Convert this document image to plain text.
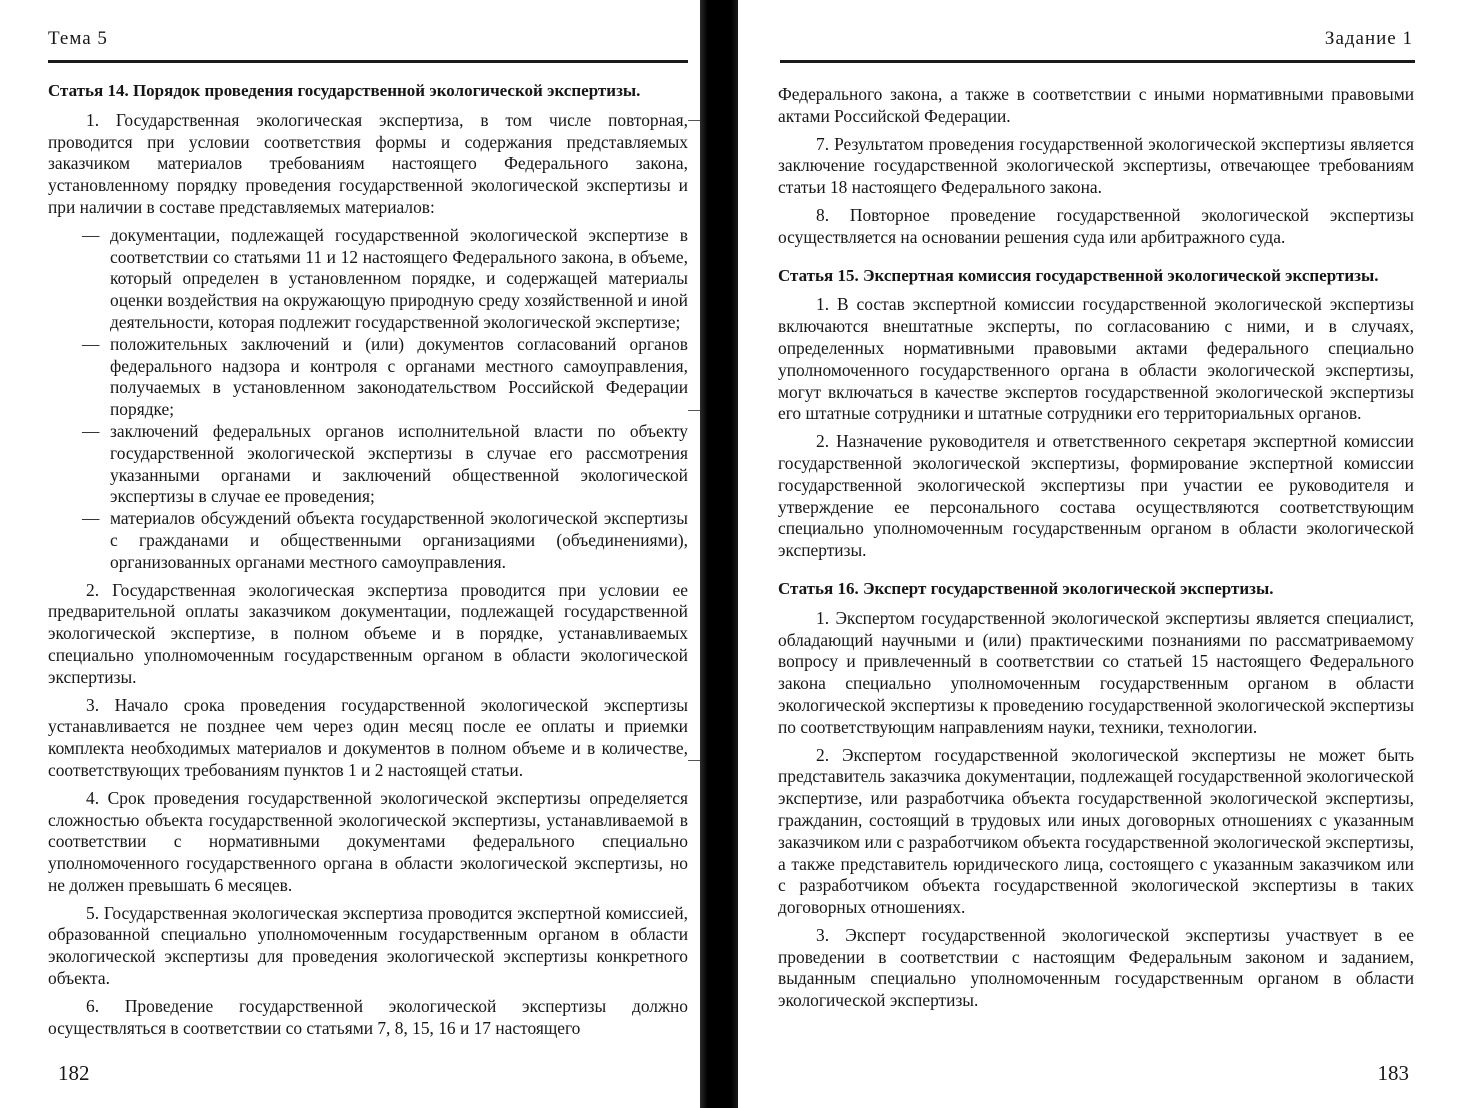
Тема 5
Статья 14. Порядок проведения государственной экологической экспертизы.

1. Государственная экологическая экспертиза, в том числе повторная, проводится при условии соответствия формы и содержания представляемых заказчиком материалов требованиям настоящего Федерального закона, установленному порядку проведения государственной экологической экспертизы и при наличии в составе представляемых материалов:

— документации, подлежащей государственной экологической экспертизе в соответствии со статьями 11 и 12 настоящего Федерального закона, в объеме, который определен в установленном порядке, и содержащей материалы оценки воздействия на окружающую природную среду хозяйственной и иной деятельности, которая подлежит государственной экологической экспертизе;
— положительных заключений и (или) документов согласований органов федерального надзора и контроля с органами местного самоуправления, получаемых в установленном законодательством Российской Федерации порядке;
— заключений федеральных органов исполнительной власти по объекту государственной экологической экспертизы в случае его рассмотрения указанными органами и заключений общественной экологической экспертизы в случае ее проведения;
— материалов обсуждений объекта государственной экологической экспертизы с гражданами и общественными организациями (объединениями), организованных органами местного самоуправления.

2. Государственная экологическая экспертиза проводится при условии ее предварительной оплаты заказчиком документации, подлежащей государственной экологической экспертизе, в полном объеме и в порядке, устанавливаемых специально уполномоченным государственным органом в области экологической экспертизы.

3. Начало срока проведения государственной экологической экспертизы устанавливается не позднее чем через один месяц после ее оплаты и приемки комплекта необходимых материалов и документов в полном объеме и в количестве, соответствующих требованиям пунктов 1 и 2 настоящей статьи.

4. Срок проведения государственной экологической экспертизы определяется сложностью объекта государственной экологической экспертизы, устанавливаемой в соответствии с нормативными документами федерального специально уполномоченного государственного органа в области экологической экспертизы, но не должен превышать 6 месяцев.

5. Государственная экологическая экспертиза проводится экспертной комиссией, образованной специально уполномоченным государственным органом в области экологической экспертизы для проведения экологической экспертизы конкретного объекта.

6. Проведение государственной экологической экспертизы должно осуществляться в соответствии со статьями 7, 8, 15, 16 и 17 настоящего

182
Задание 1

Федерального закона, а также в соответствии с иными нормативными правовыми актами Российской Федерации.

7. Результатом проведения государственной экологической экспертизы является заключение государственной экологической экспертизы, отвечающее требованиям статьи 18 настоящего Федерального закона.

8. Повторное проведение государственной экологической экспертизы осуществляется на основании решения суда или арбитражного суда.

Статья 15. Экспертная комиссия государственной экологической экспертизы.

1. В состав экспертной комиссии государственной экологической экспертизы включаются внештатные эксперты, по согласованию с ними, и в случаях, определенных нормативными правовыми актами федерального специально уполномоченного государственного органа в области экологической экспертизы, могут включаться в качестве экспертов государственной экологической экспертизы его штатные сотрудники и штатные сотрудники его территориальных органов.

2. Назначение руководителя и ответственного секретаря экспертной комиссии государственной экологической экспертизы, формирование экспертной комиссии государственной экологической экспертизы при участии ее руководителя и утверждение ее персонального состава осуществляются соответствующим специально уполномоченным государственным органом в области экологической экспертизы.

Статья 16. Эксперт государственной экологической экспертизы.

1. Экспертом государственной экологической экспертизы является специалист, обладающий научными и (или) практическими познаниями по рассматриваемому вопросу и привлеченный в соответствии со статьей 15 настоящего Федерального закона специально уполномоченным государственным органом в области экологической экспертизы к проведению государственной экологической экспертизы по соответствующим направлениям науки, техники, технологии.

2. Экспертом государственной экологической экспертизы не может быть представитель заказчика документации, подлежащей государственной экологической экспертизе, или разработчика объекта государственной экологической экспертизы, гражданин, состоящий в трудовых или иных договорных отношениях с указанным заказчиком или с разработчиком объекта государственной экологической экспертизы, а также представитель юридического лица, состоящего с указанным заказчиком или с разработчиком объекта государственной экологической экспертизы в таких договорных отношениях.

3. Эксперт государственной экологической экспертизы участвует в ее проведении в соответствии с настоящим Федеральным законом и заданием, выданным специально уполномоченным государственным органом в области экологической экспертизы.

183
